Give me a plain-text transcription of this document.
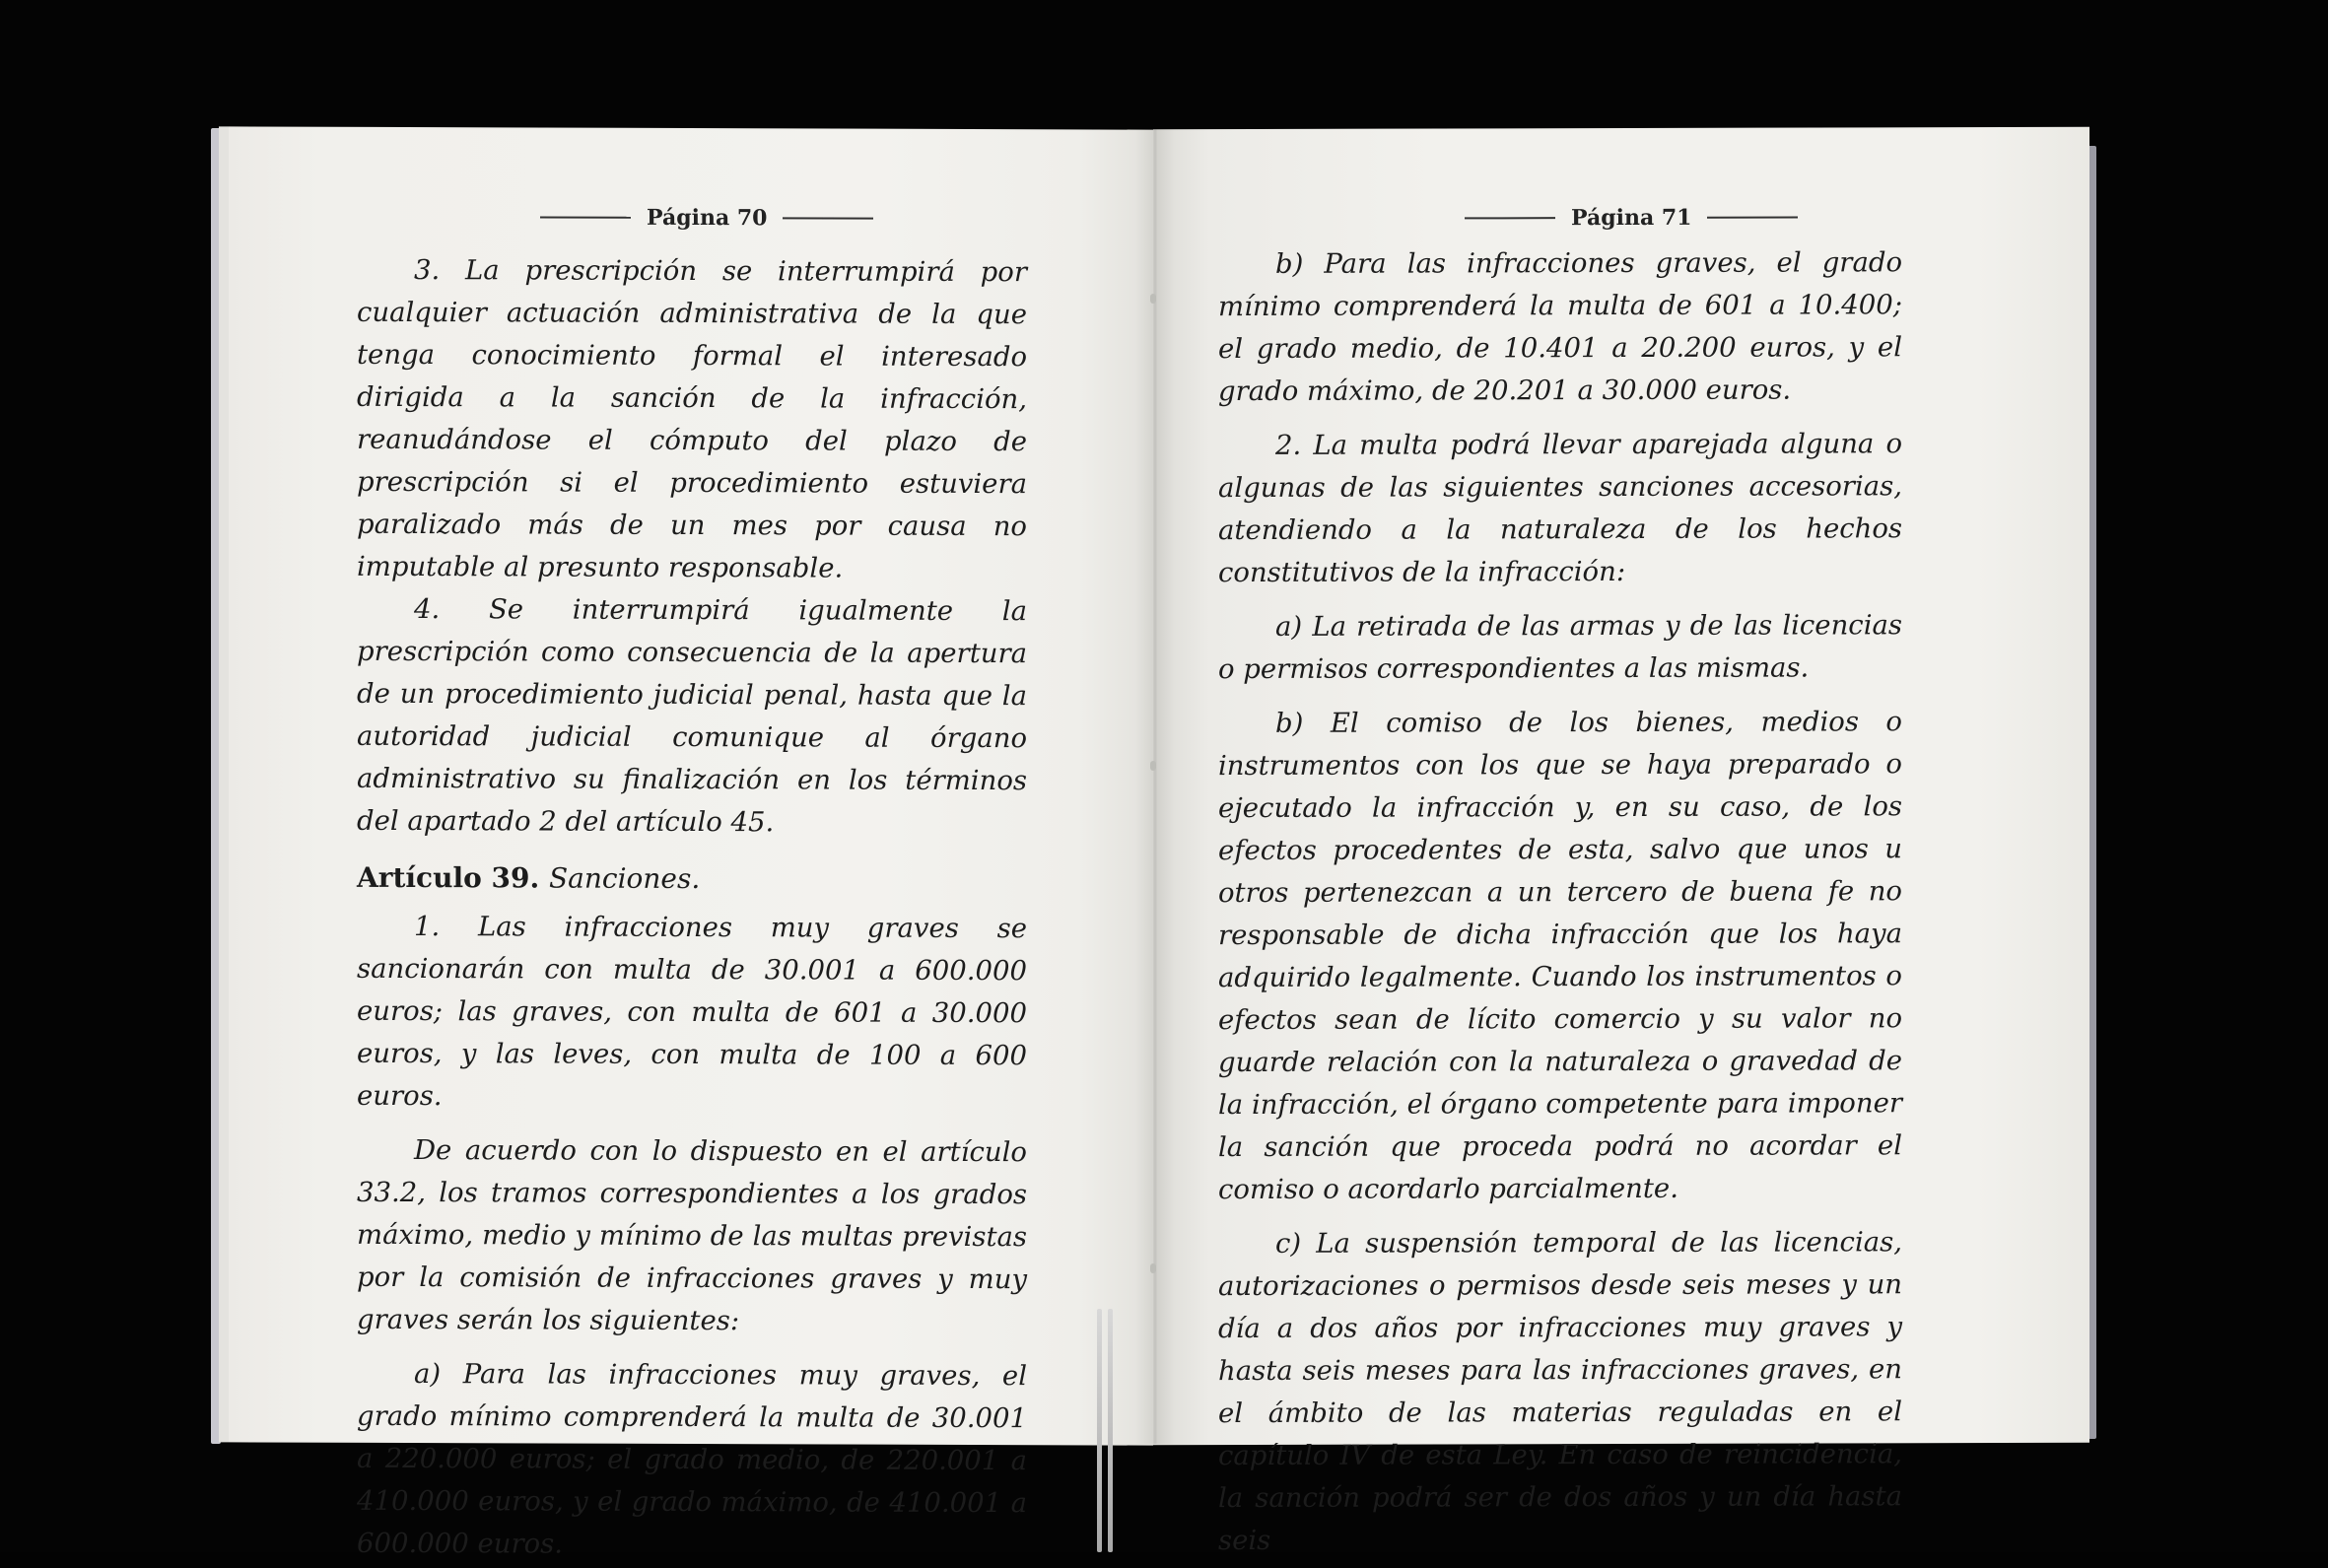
Página 70

3. La prescripción se interrumpirá por cualquier actuación administrativa de la que tenga conocimiento formal el interesado dirigida a la sanción de la infracción, reanudándose el cómputo del plazo de prescripción si el procedimiento estuviera paralizado más de un mes por causa no imputable al presunto responsable.

4. Se interrumpirá igualmente la prescripción como consecuencia de la apertura de un procedimiento judicial penal, hasta que la autoridad judicial comunique al órgano administrativo su finalización en los términos del apartado 2 del artículo 45.

Artículo 39. Sanciones.

1. Las infracciones muy graves se sancionarán con multa de 30.001 a 600.000 euros; las graves, con multa de 601 a 30.000 euros, y las leves, con multa de 100 a 600 euros.

De acuerdo con lo dispuesto en el artículo 33.2, los tramos correspondientes a los grados máximo, medio y mínimo de las multas previstas por la comisión de infracciones graves y muy graves serán los siguientes:

a) Para las infracciones muy graves, el grado mínimo comprenderá la multa de 30.001 a 220.000 euros; el grado medio, de 220.001 a 410.000 euros, y el grado máximo, de 410.001 a 600.000 euros.

Página 71

b) Para las infracciones graves, el grado mínimo comprenderá la multa de 601 a 10.400; el grado medio, de 10.401 a 20.200 euros, y el grado máximo, de 20.201 a 30.000 euros.

2. La multa podrá llevar aparejada alguna o algunas de las siguientes sanciones accesorias, atendiendo a la naturaleza de los hechos constitutivos de la infracción:

a) La retirada de las armas y de las licencias o permisos correspondientes a las mismas.

b) El comiso de los bienes, medios o instrumentos con los que se haya preparado o ejecutado la infracción y, en su caso, de los efectos procedentes de esta, salvo que unos u otros pertenezcan a un tercero de buena fe no responsable de dicha infracción que los haya adquirido legalmente. Cuando los instrumentos o efectos sean de lícito comercio y su valor no guarde relación con la naturaleza o gravedad de la infracción, el órgano competente para imponer la sanción que proceda podrá no acordar el comiso o acordarlo parcialmente.

c) La suspensión temporal de las licencias, autorizaciones o permisos desde seis meses y un día a dos años por infracciones muy graves y hasta seis meses para las infracciones graves, en el ámbito de las materias reguladas en el capítulo IV de esta Ley. En caso de reincidencia, la sanción podrá ser de dos años y un día hasta seis
